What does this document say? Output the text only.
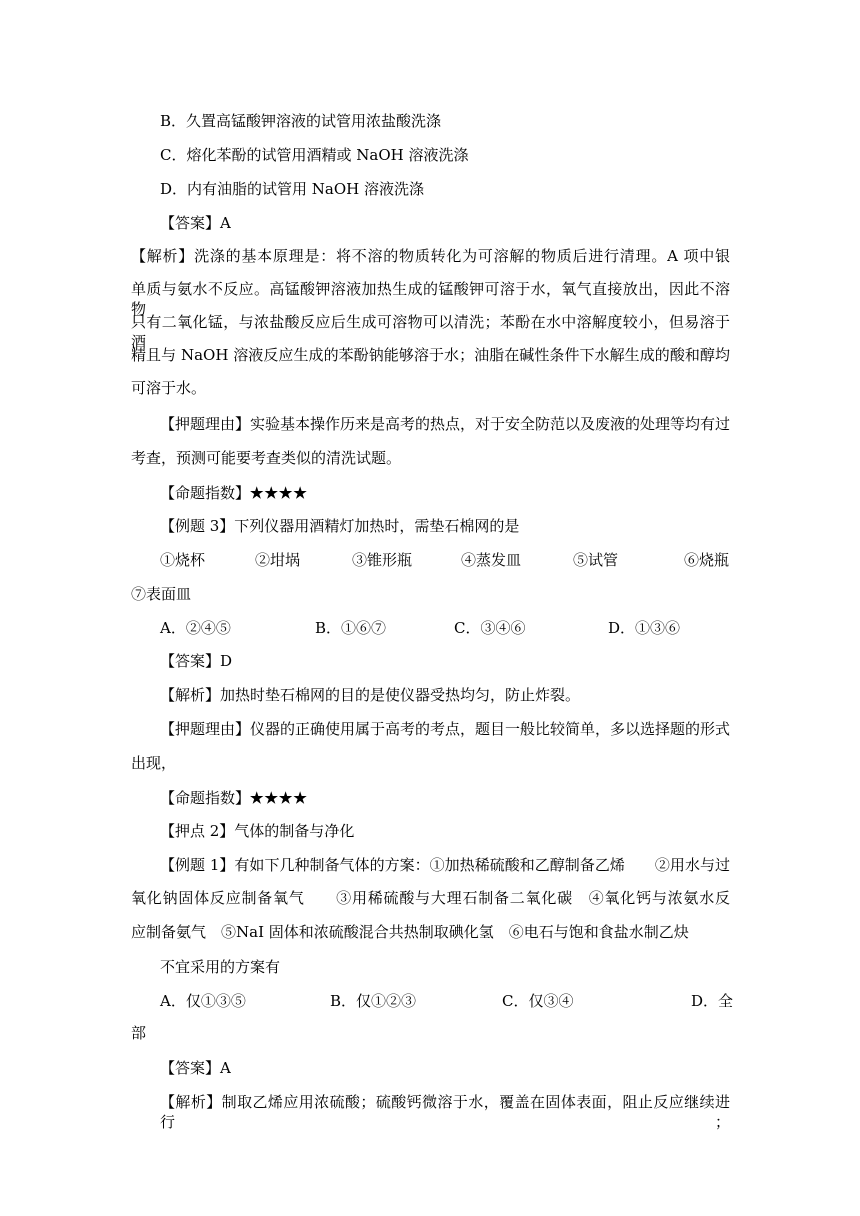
B．久置高锰酸钾溶液的试管用浓盐酸洗涤
C．熔化苯酚的试管用酒精或 NaOH 溶液洗涤
D．内有油脂的试管用 NaOH 溶液洗涤
【答案】A
【解析】洗涤的基本原理是：将不溶的物质转化为可溶解的物质后进行清理。A 项中银
单质与氨水不反应。高锰酸钾溶液加热生成的锰酸钾可溶于水，氧气直接放出，因此不溶物
只有二氧化锰，与浓盐酸反应后生成可溶物可以清洗；苯酚在水中溶解度较小，但易溶于酒
精且与 NaOH 溶液反应生成的苯酚钠能够溶于水；油脂在碱性条件下水解生成的酸和醇均
可溶于水。
【押题理由】实验基本操作历来是高考的热点，对于安全防范以及废液的处理等均有过
考查，预测可能要考查类似的清洗试题。
【命题指数】★★★★
【例题 3】下列仪器用酒精灯加热时，需垫石棉网的是
①烧杯	②坩埚	③锥形瓶	④蒸发皿	⑤试管	⑥烧瓶
⑦表面皿
A．②④⑤	B．①⑥⑦	C．③④⑥	D．①③⑥
【答案】D
【解析】加热时垫石棉网的目的是使仪器受热均匀，防止炸裂。
【押题理由】仪器的正确使用属于高考的考点，题目一般比较简单，多以选择题的形式
出现，
【命题指数】★★★★
【押点 2】气体的制备与净化
【例题 1】有如下几种制备气体的方案：①加热稀硫酸和乙醇制备乙烯　　②用水与过
氧化钠固体反应制备氧气　　③用稀硫酸与大理石制备二氧化碳　④氧化钙与浓氨水反
应制备氨气　⑤NaI 固体和浓硫酸混合共热制取碘化氢　⑥电石与饱和食盐水制乙炔
不宜采用的方案有
A．仅①③⑤	B．仅①②③	C．仅③④	D．全
部
【答案】A
【解析】制取乙烯应用浓硫酸；硫酸钙微溶于水，覆盖在固体表面，阻止反应继续进行；
